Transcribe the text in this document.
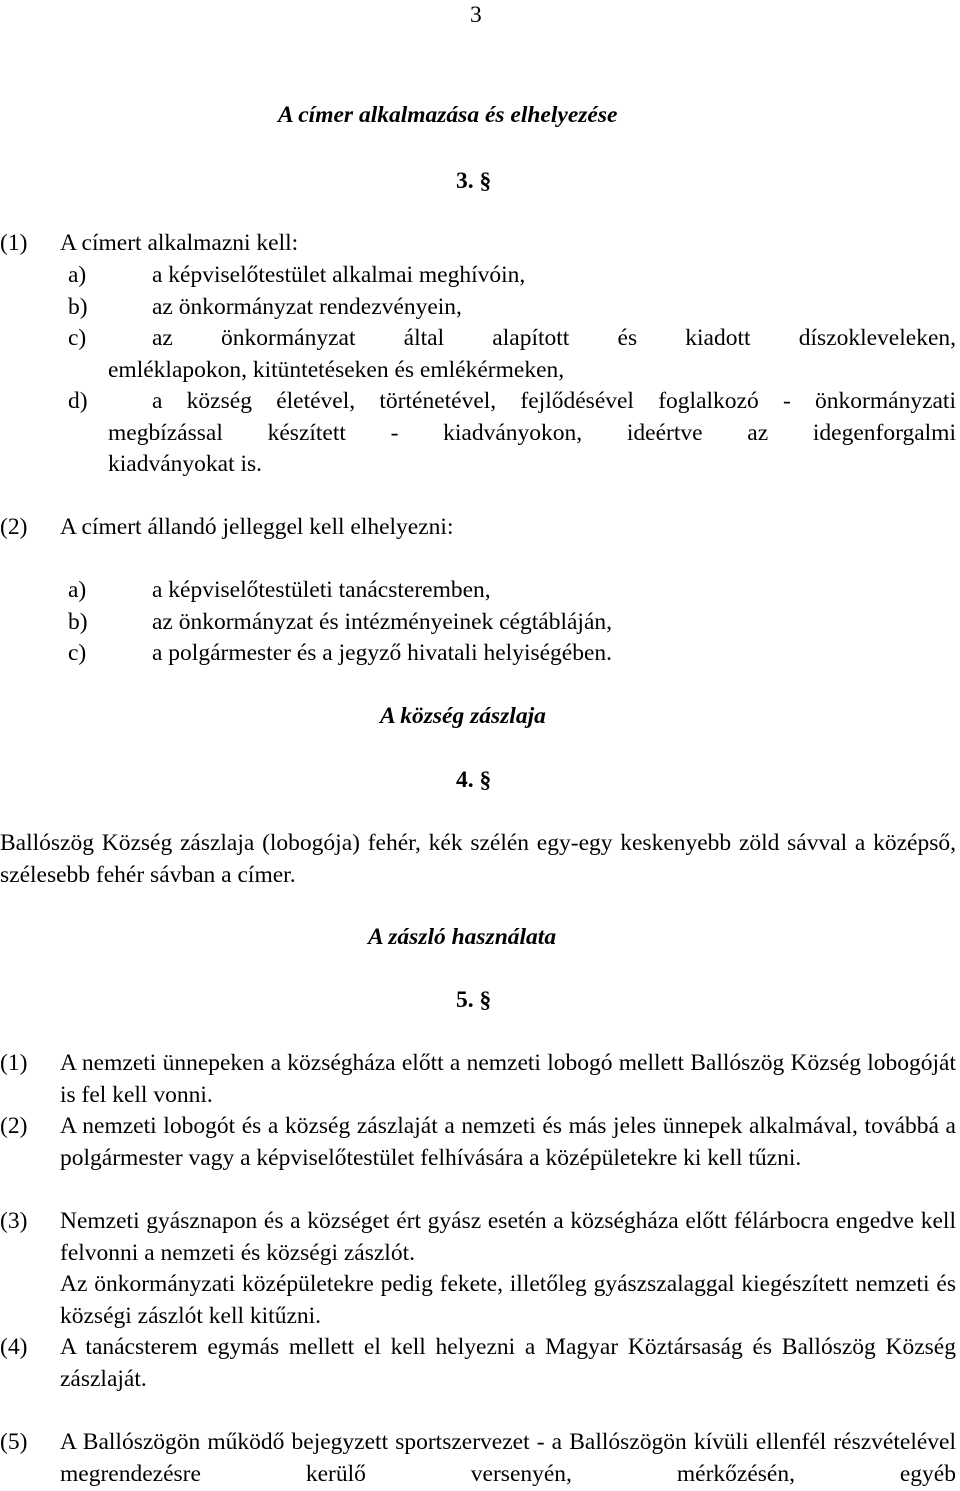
3
A címer alkalmazása és elhelyezése
3. §
(1) A címert alkalmazni kell:
a)	a képviselőtestület alkalmai meghívóin,
b)	az önkormányzat rendezvényein,
c)	az önkormányzat által alapított és kiadott díszokleveleken,
emléklapokon, kitüntetéseken és emlékérmeken,
d)	a község életével, történetével, fejlődésével foglalkozó - önkormányzati
megbízással készített - kiadványokon, ideértve az idegenforgalmi
kiadványokat is.
(2) A címert állandó jelleggel kell elhelyezni:
a)	a képviselőtestületi tanácsteremben,
b)	az önkormányzat és intézményeinek cégtábláján,
c)	a polgármester és a jegyző hivatali helyiségében.
A község zászlaja
4. §
Ballószög Község zászlaja (lobogója) fehér, kék szélén egy-egy keskenyebb zöld sávval a középső, szélesebb fehér sávban a címer.
A zászló használata
5. §
(1) A nemzeti ünnepeken a községháza előtt a nemzeti lobogó mellett Ballószög Község lobogóját is fel kell vonni.
(2) A nemzeti lobogót és a község zászlaját a nemzeti és más jeles ünnepek alkalmával, továbbá a polgármester vagy a képviselőtestület felhívására a középületekre ki kell tűzni.
(3) Nemzeti gyásznapon és a községet ért gyász esetén a községháza előtt félárbocra engedve kell felvonni a nemzeti és községi zászlót.
Az önkormányzati középületekre pedig fekete, illetőleg gyászszalaggal kiegészített nemzeti és községi zászlót kell kitűzni.
(4) A tanácsterem egymás mellett el kell helyezni a Magyar Köztársaság és Ballószög Község zászlaját.
(5) A Ballószögön működő bejegyzett sportszervezet - a Ballószögön kívüli ellenfél részvételével megrendezésre kerülő versenyén, mérkőzésén, egyéb
